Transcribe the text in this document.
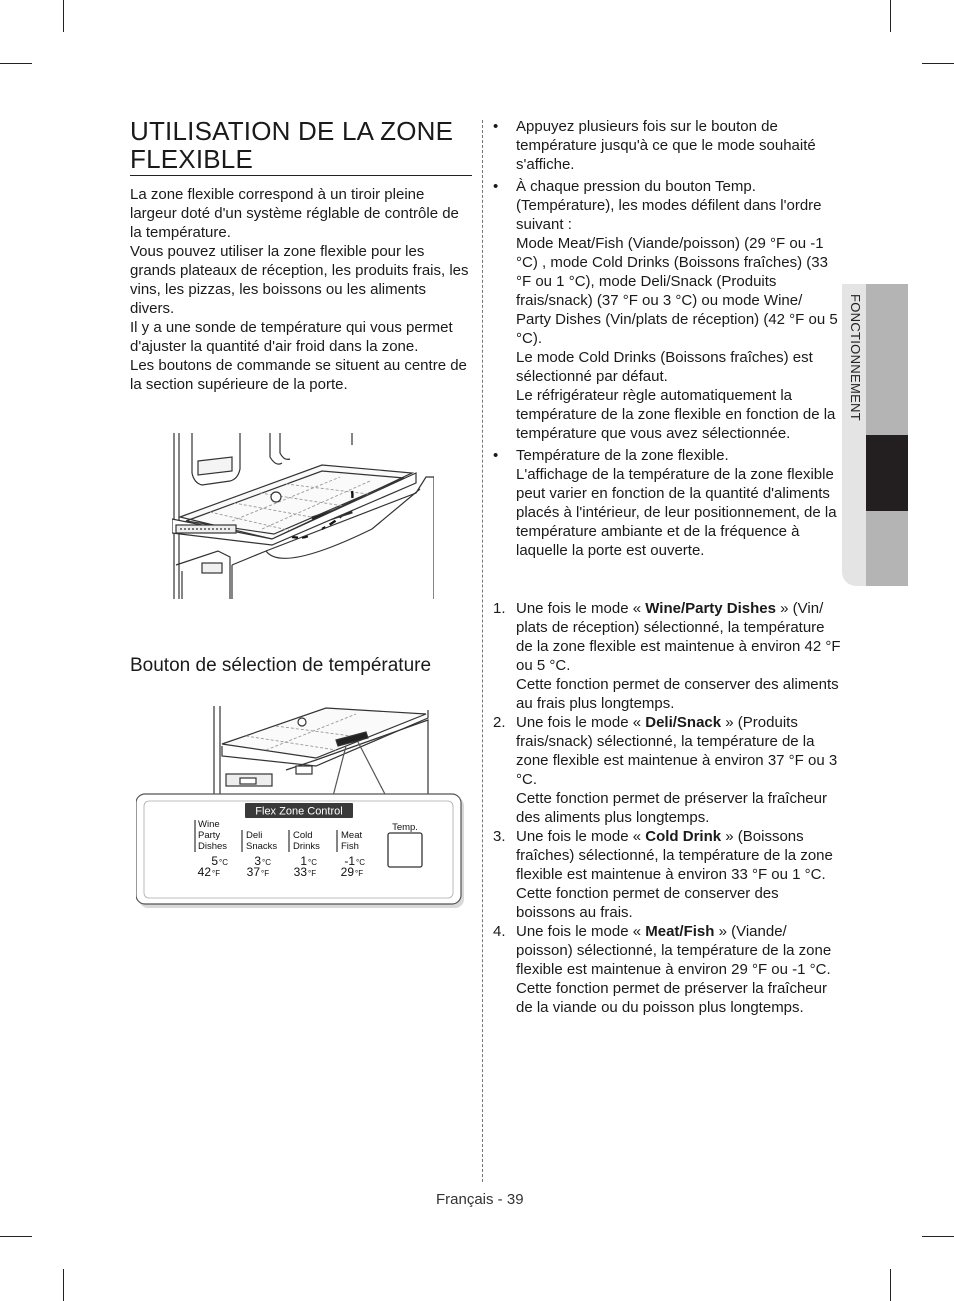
UTILISATION DE LA ZONE FLEXIBLE

La zone flexible correspond à un tiroir pleine largeur doté d'un système réglable de contrôle de la température.

Vous pouvez utiliser la zone flexible pour les grands plateaux de réception, les produits frais, les vins, les pizzas, les boissons ou les aliments divers.

Il y a une sonde de température qui vous permet d'ajuster la quantité d'air froid dans la zone.

Les boutons de commande se situent au centre de la section supérieure de la porte.

Bouton de sélection de température
Flex Zone Control
Wine
Party
Dishes
5 °C
42 °F
Deli
Snacks
3 °C
37 °F
Cold
Drinks
1 °C
33 °F
Meat
Fish
-1 °C
29 °F
Temp.
• Appuyez plusieurs fois sur le bouton de température jusqu'à ce que le mode souhaité s'affiche.

• À chaque pression du bouton Temp. (Température), les modes défilent dans l'ordre suivant :

Mode Meat/Fish (Viande/poisson) (29 °F ou -1 °C) , mode Cold Drinks (Boissons fraîches) (33 °F ou 1 °C), mode Deli/Snack (Produits frais/snack) (37 °F ou 3 °C) ou mode Wine/ Party Dishes (Vin/plats de réception) (42 °F ou 5 °C).

Le mode Cold Drinks (Boissons fraîches) est sélectionné par défaut.

Le réfrigérateur règle automatiquement la température de la zone flexible en fonction de la température que vous avez sélectionnée.

• Température de la zone flexible.

L'affichage de la température de la zone flexible peut varier en fonction de la quantité d'aliments placés à l'intérieur, de leur positionnement, de la température ambiante et de la fréquence à laquelle la porte est ouverte.

1. Une fois le mode « Wine/Party Dishes » (Vin/ plats de réception) sélectionné, la température de la zone flexible est maintenue à environ 42 °F ou 5 °C.

Cette fonction permet de conserver des aliments au frais plus longtemps.

2. Une fois le mode « Deli/Snack » (Produits frais/snack) sélectionné, la température de la zone flexible est maintenue à environ 37 °F ou 3 °C.

Cette fonction permet de préserver la fraîcheur des aliments plus longtemps.

3. Une fois le mode « Cold Drink » (Boissons fraîches) sélectionné, la température de la zone flexible est maintenue à environ 33 °F ou 1 °C.

Cette fonction permet de conserver des boissons au frais.

4. Une fois le mode « Meat/Fish » (Viande/ poisson) sélectionné, la température de la zone flexible est maintenue à environ 29 °F ou -1 °C.

Cette fonction permet de préserver la fraîcheur de la viande ou du poisson plus longtemps.

FONCTIONNEMENT
Français - 39
